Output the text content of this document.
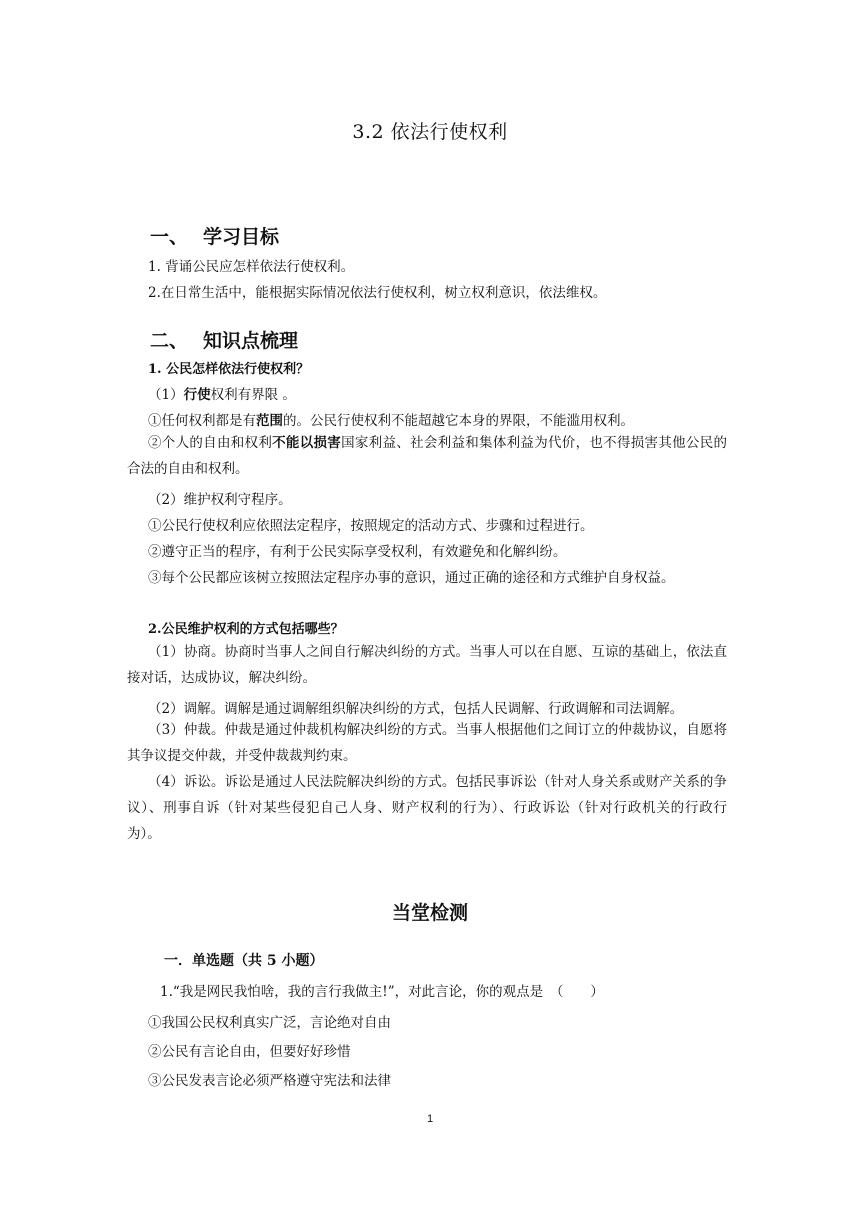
3.2 依法行使权利
一、 学习目标
1. 背诵公民应怎样依法行使权利。
2.在日常生活中，能根据实际情况依法行使权利，树立权利意识，依法维权。
二、 知识点梳理
1. 公民怎样依法行使权利？
（1）行使权利有界限 。
①任何权利都是有范围的。公民行使权利不能超越它本身的界限，不能滥用权利。
②个人的自由和权利不能以损害国家利益、社会利益和集体利益为代价，也不得损害其他公民的合法的自由和权利。
（2）维护权利守程序。
①公民行使权利应依照法定程序，按照规定的活动方式、步骤和过程进行。
②遵守正当的程序，有利于公民实际享受权利，有效避免和化解纠纷。
③每个公民都应该树立按照法定程序办事的意识，通过正确的途径和方式维护自身权益。
2.公民维护权利的方式包括哪些？
（1）协商。协商时当事人之间自行解决纠纷的方式。当事人可以在自愿、互谅的基础上，依法直接对话，达成协议，解决纠纷。
（2）调解。调解是通过调解组织解决纠纷的方式，包括人民调解、行政调解和司法调解。
（3）仲裁。仲裁是通过仲裁机构解决纠纷的方式。当事人根据他们之间订立的仲裁协议，自愿将其争议提交仲裁，并受仲裁裁判约束。
（4）诉讼。诉讼是通过人民法院解决纠纷的方式。包括民事诉讼（针对人身关系或财产关系的争议）、刑事自诉（针对某些侵犯自己人身、财产权利的行为）、行政诉讼（针对行政机关的行政行为）。
当堂检测
一．单选题（共 5 小题）
1.“我是网民我怕啥，我的言行我做主!”，对此言论，你的观点是　（　　）
①我国公民权利真实广泛，言论绝对自由
②公民有言论自由，但要好好珍惜
③公民发表言论必须严格遵守宪法和法律
1
